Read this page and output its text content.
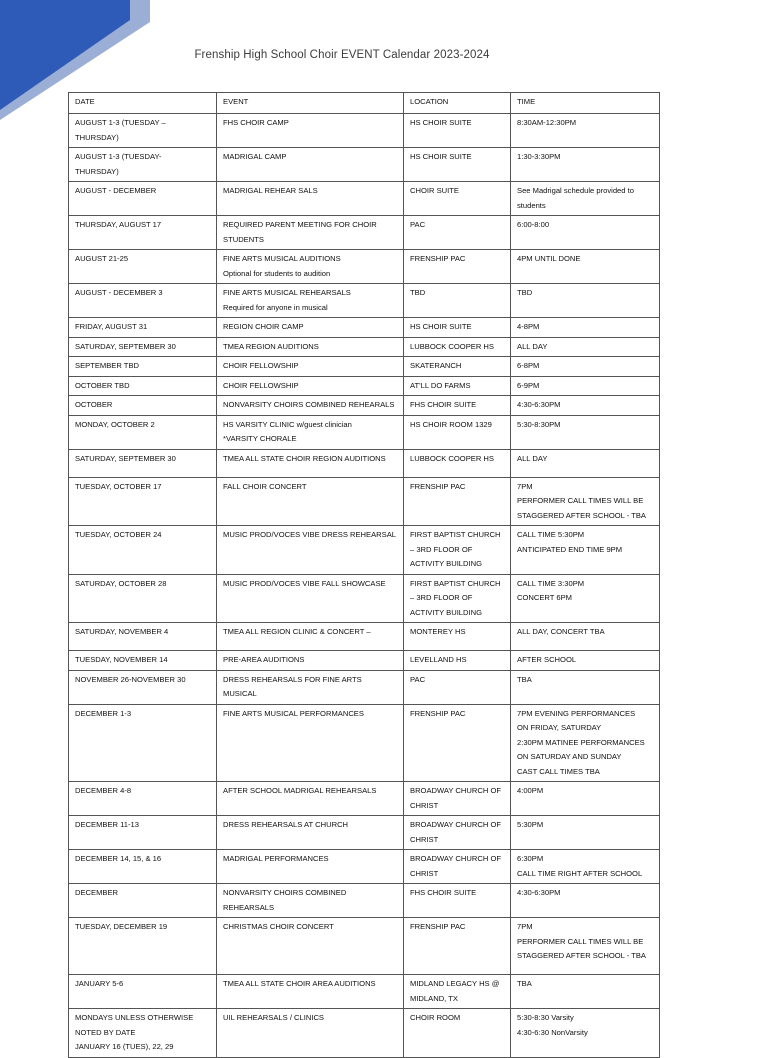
Frenship High School Choir EVENT Calendar 2023-2024
DATE	EVENT	LOCATION	TIME

AUGUST 1-3 (TUESDAY –
THURSDAY)	FHS CHOIR CAMP	HS CHOIR SUITE	8:30AM-12:30PM

AUGUST 1-3 (TUESDAY-
THURSDAY)	MADRIGAL CAMP	HS CHOIR SUITE	1:30-3:30PM

AUGUST - DECEMBER	MADRIGAL REHEAR SALS	CHOIR SUITE	See Madrigal schedule provided to
students

THURSDAY, AUGUST 17	REQUIRED PARENT MEETING FOR CHOIR
STUDENTS	PAC	6:00-8:00

AUGUST 21-25	FINE ARTS MUSICAL AUDITIONS
Optional for students to audition	FRENSHIP PAC	4PM UNTIL DONE

AUGUST - DECEMBER 3	FINE ARTS MUSICAL REHEARSALS
Required for anyone in musical	TBD	TBD

FRIDAY, AUGUST 31	REGION CHOIR CAMP	HS CHOIR SUITE	4-8PM

SATURDAY, SEPTEMBER 30	TMEA REGION AUDITIONS	LUBBOCK COOPER HS	ALL DAY

SEPTEMBER TBD	CHOIR FELLOWSHIP	SKATERANCH	6-8PM

OCTOBER TBD	CHOIR FELLOWSHIP	AT'LL DO FARMS	6-9PM

OCTOBER	NONVARSITY CHOIRS COMBINED REHEARALS	FHS CHOIR SUITE	4:30-6:30PM

MONDAY, OCTOBER 2	HS VARSITY CLINIC w/guest clinician
*VARSITY CHORALE	HS CHOIR ROOM 1329	5:30-8:30PM

SATURDAY, SEPTEMBER 30	TMEA ALL STATE CHOIR REGION AUDITIONS	LUBBOCK COOPER HS	ALL DAY

TUESDAY, OCTOBER 17	FALL CHOIR CONCERT	FRENSHIP PAC	7PM
PERFORMER CALL TIMES WILL BE
STAGGERED AFTER SCHOOL - TBA

TUESDAY, OCTOBER 24	MUSIC PROD/VOCES VIBE DRESS REHEARSAL	FIRST BAPTIST CHURCH
– 3RD FLOOR OF
ACTIVITY BUILDING	CALL TIME 5:30PM
ANTICIPATED END TIME 9PM

SATURDAY, OCTOBER 28	MUSIC PROD/VOCES VIBE FALL SHOWCASE	FIRST BAPTIST CHURCH
– 3RD FLOOR OF
ACTIVITY BUILDING	CALL TIME 3:30PM
CONCERT 6PM

SATURDAY, NOVEMBER 4	TMEA ALL REGION CLINIC & CONCERT –	MONTEREY HS	ALL DAY, CONCERT TBA

TUESDAY, NOVEMBER 14	PRE-AREA AUDITIONS	LEVELLAND HS	AFTER SCHOOL

NOVEMBER 26-NOVEMBER 30	DRESS REHEARSALS FOR FINE ARTS MUSICAL	PAC	TBA

DECEMBER 1-3	FINE ARTS MUSICAL PERFORMANCES	FRENSHIP PAC	7PM EVENING PERFORMANCES
ON FRIDAY, SATURDAY
2:30PM MATINEE PERFORMANCES
ON SATURDAY AND SUNDAY
CAST CALL TIMES TBA

DECEMBER 4-8	AFTER SCHOOL MADRIGAL REHEARSALS	BROADWAY CHURCH OF
CHRIST	4:00PM

DECEMBER 11-13	DRESS REHEARSALS AT CHURCH	BROADWAY CHURCH OF
CHRIST	5:30PM

DECEMBER 14, 15, & 16	MADRIGAL PERFORMANCES	BROADWAY CHURCH OF
CHRIST	6:30PM
CALL TIME RIGHT AFTER SCHOOL

DECEMBER	NONVARSITY CHOIRS COMBINED REHEARSALS	FHS CHOIR SUITE	4:30-6:30PM

TUESDAY, DECEMBER 19	CHRISTMAS CHOIR CONCERT	FRENSHIP PAC	7PM
PERFORMER CALL TIMES WILL BE
STAGGERED AFTER SCHOOL - TBA

JANUARY 5-6	TMEA ALL STATE CHOIR AREA AUDITIONS	MIDLAND LEGACY HS @
MIDLAND, TX	TBA

MONDAYS UNLESS OTHERWISE
NOTED BY DATE
JANUARY 16 (TUES), 22, 29	UIL REHEARSALS / CLINICS	CHOIR ROOM	5:30-8:30 Varsity
4:30-6:30 NonVarsity
